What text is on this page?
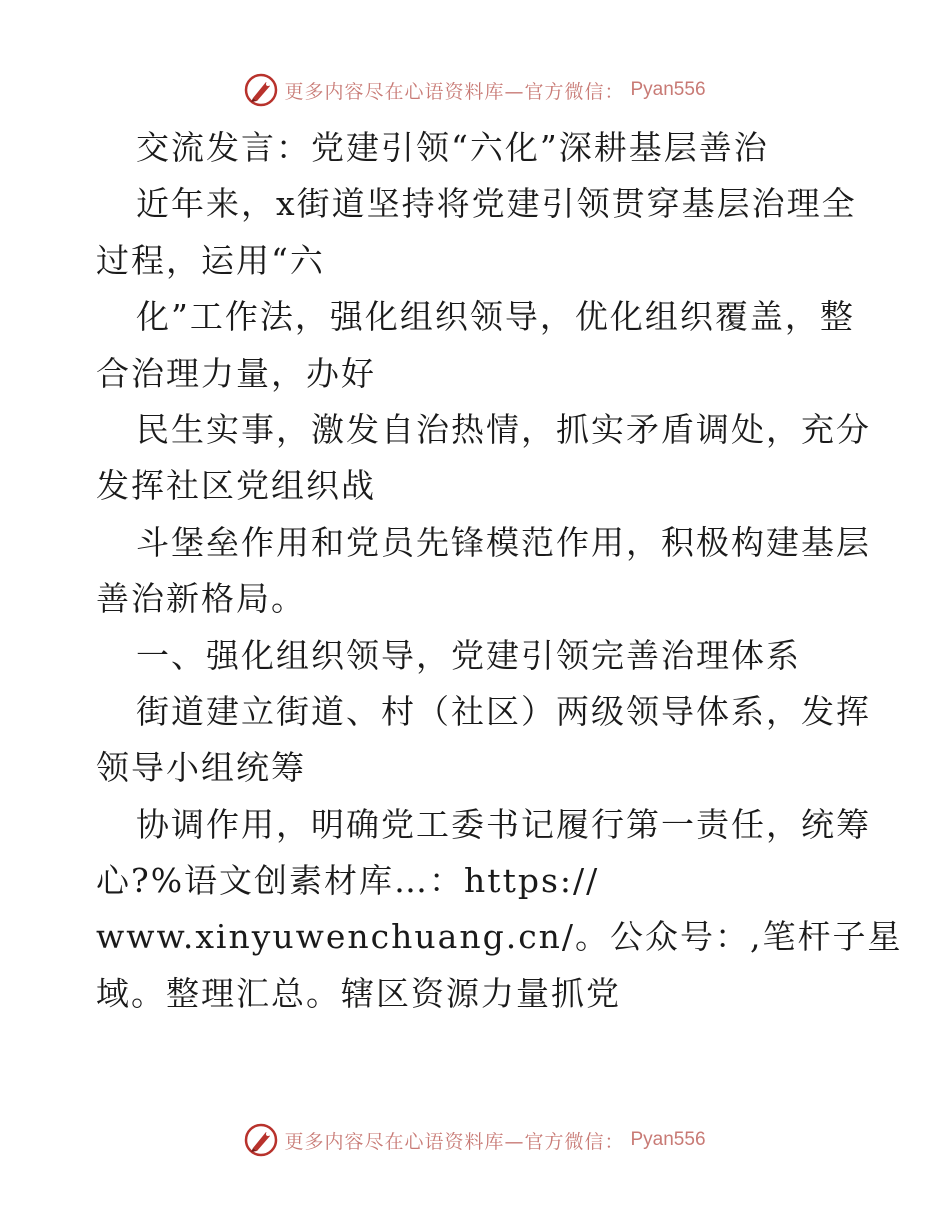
更多内容尽在心语资料库—官方微信： Pyan556
交流发言：党建引领“六化”深耕基层善治
近年来，x街道坚持将党建引领贯穿基层治理全
过程，运用“六
化”工作法，强化组织领导，优化组织覆盖，整
合治理力量，办好
民生实事，激发自治热情，抓实矛盾调处，充分
发挥社区党组织战
斗堡垒作用和党员先锋模范作用，积极构建基层
善治新格局。
一、强化组织领导，党建引领完善治理体系
街道建立街道、村（社区）两级领导体系，发挥
领导小组统筹
协调作用，明确党工委书记履行第一责任，统筹
心?%语文创素材库…：https://
www.xinyuwenchuang.cn/。公众号：,笔杆子星
域。整理汇总。辖区资源力量抓党
更多内容尽在心语资料库—官方微信： Pyan556
